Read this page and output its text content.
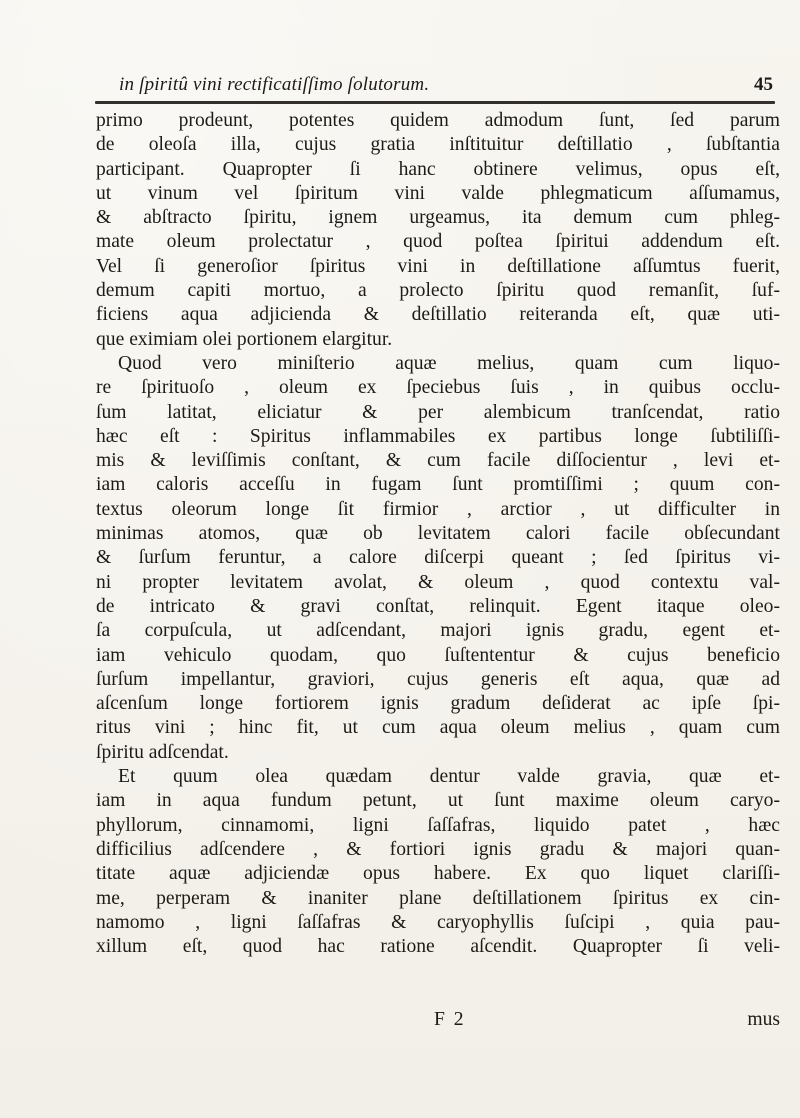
in ſpiritû vini rectificatiſſimo ſolutorum.	45
primo prodeunt, potentes quidem admodum ſunt, ſed parum
de oleoſa illa, cujus gratia inſtituitur deſtillatio , ſubſtantia
participant. Quapropter ſi hanc obtinere velimus, opus eſt,
ut vinum vel ſpiritum vini valde phlegmaticum aſſumamus,
& abſtracto ſpiritu, ignem urgeamus, ita demum cum phleg-
mate oleum prolectatur , quod poſtea ſpiritui addendum eſt.
Vel ſi generoſior ſpiritus vini in deſtillatione aſſumtus fuerit,
demum capiti mortuo, a prolecto ſpiritu quod remanſit, ſuf-
ficiens aqua adjicienda & deſtillatio reiteranda eſt, quæ uti-
que eximiam olei portionem elargitur.
Quod vero miniſterio aquæ melius, quam cum liquo-
re ſpirituoſo , oleum ex ſpeciebus ſuis , in quibus occlu-
ſum latitat, eliciatur & per alembicum tranſcendat, ratio
hæc eſt : Spiritus inflammabiles ex partibus longe ſubtiliſſi-
mis & leviſſimis conſtant, & cum facile diſſocientur , levi et-
iam caloris acceſſu in fugam ſunt promtiſſimi ; quum con-
textus oleorum longe ſit firmior , arctior , ut difficulter in
minimas atomos, quæ ob levitatem calori facile obſecundant
& ſurſum feruntur, a calore diſcerpi queant ; ſed ſpiritus vi-
ni propter levitatem avolat, & oleum , quod contextu val-
de intricato & gravi conſtat, relinquit. Egent itaque oleo-
ſa corpuſcula, ut adſcendant, majori ignis gradu, egent et-
iam vehiculo quodam, quo ſuſtententur & cujus beneficio
ſurſum impellantur, graviori, cujus generis eſt aqua, quæ ad
aſcenſum longe fortiorem ignis gradum deſiderat ac ipſe ſpi-
ritus vini ; hinc fit, ut cum aqua oleum melius , quam cum
ſpiritu adſcendat.
Et quum olea quædam dentur valde gravia, quæ et-
iam in aqua fundum petunt, ut ſunt maxime oleum caryo-
phyllorum, cinnamomi, ligni ſaſſafras, liquido patet , hæc
difficilius adſcendere , & fortiori ignis gradu & majori quan-
titate aquæ adjiciendæ opus habere. Ex quo liquet clariſſi-
me, perperam & inaniter plane deſtillationem ſpiritus ex cin-
namomo , ligni ſaſſafras & caryophyllis ſuſcipi , quia pau-
xillum eſt, quod hac ratione aſcendit. Quapropter ſi veli-
F 2	mus
